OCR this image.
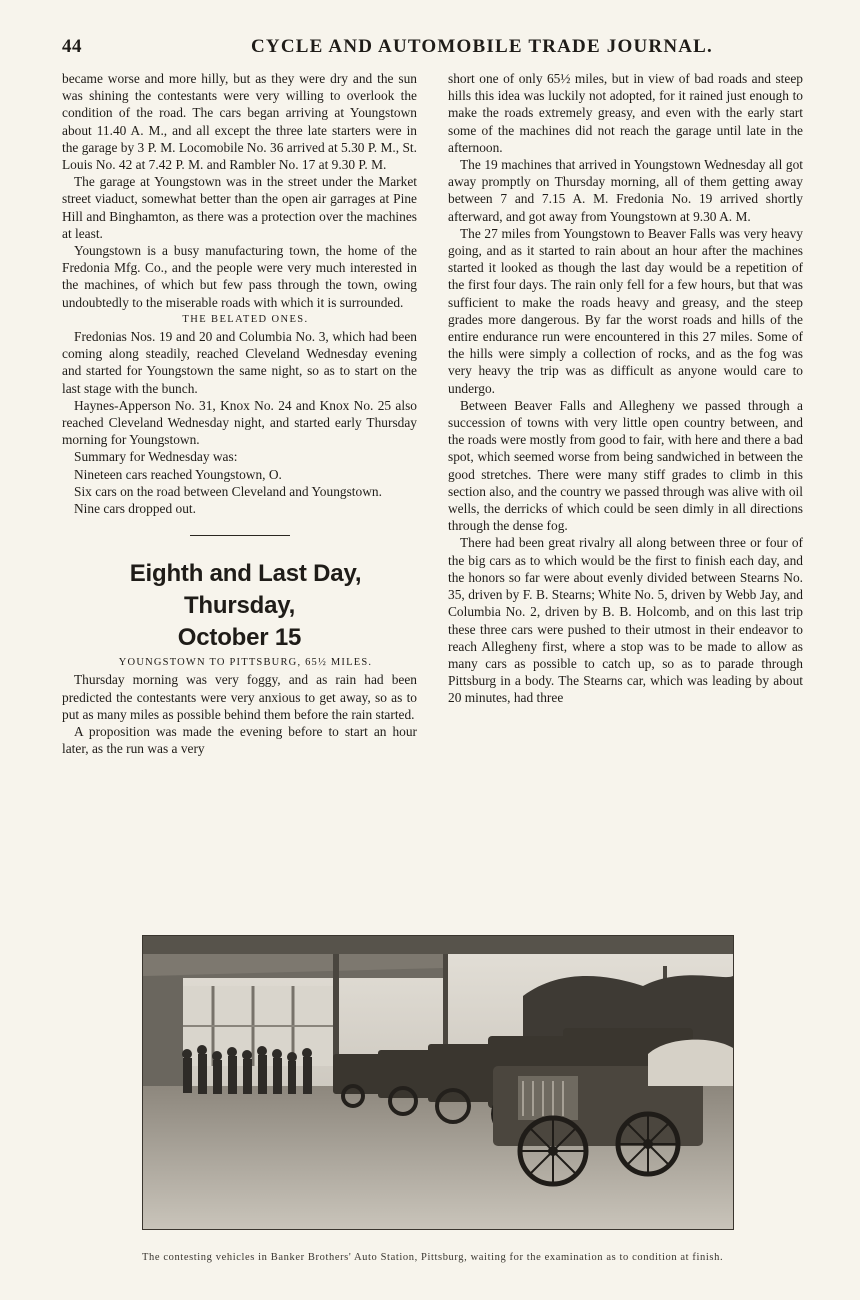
44	CYCLE AND AUTOMOBILE TRADE JOURNAL.

became worse and more hilly, but as they were dry and the sun was shining the contestants were very willing to overlook the condition of the road. The cars began arriving at Youngstown about 11.40 A. M., and all except the three late starters were in the garage by 3 P. M. Locomobile No. 36 arrived at 5.30 P. M., St. Louis No. 42 at 7.42 P. M. and Rambler No. 17 at 9.30 P. M.

The garage at Youngstown was in the street under the Market street viaduct, somewhat better than the open air garrages at Pine Hill and Binghamton, as there was a protection over the machines at least.

Youngstown is a busy manufacturing town, the home of the Fredonia Mfg. Co., and the people were very much interested in the machines, of which but few pass through the town, owing undoubtedly to the miserable roads with which it is surrounded.

THE BELATED ONES.

Fredonias Nos. 19 and 20 and Columbia No. 3, which had been coming along steadily, reached Cleveland Wednesday evening and started for Youngstown the same night, so as to start on the last stage with the bunch.

Haynes-Apperson No. 31, Knox No. 24 and Knox No. 25 also reached Cleveland Wednesday night, and started early Thursday morning for Youngstown.

Summary for Wednesday was:

Nineteen cars reached Youngstown, O.

Six cars on the road between Cleveland and Youngstown.

Nine cars dropped out.

Eighth and Last Day, Thursday,
October 15

YOUNGSTOWN TO PITTSBURG, 65½ MILES.

Thursday morning was very foggy, and as rain had been predicted the contestants were very anxious to get away, so as to put as many miles as possible behind them before the rain started.

A proposition was made the evening before to start an hour later, as the run was a very

short one of only 65½ miles, but in view of bad roads and steep hills this idea was luckily not adopted, for it rained just enough to make the roads extremely greasy, and even with the early start some of the machines did not reach the garage until late in the afternoon.

The 19 machines that arrived in Youngstown Wednesday all got away promptly on Thursday morning, all of them getting away between 7 and 7.15 A. M. Fredonia No. 19 arrived shortly afterward, and got away from Youngstown at 9.30 A. M.

The 27 miles from Youngstown to Beaver Falls was very heavy going, and as it started to rain about an hour after the machines started it looked as though the last day would be a repetition of the first four days. The rain only fell for a few hours, but that was sufficient to make the roads heavy and greasy, and the steep grades more dangerous. By far the worst roads and hills of the entire endurance run were encountered in this 27 miles. Some of the hills were simply a collection of rocks, and as the fog was very heavy the trip was as difficult as anyone would care to undergo.

Between Beaver Falls and Allegheny we passed through a succession of towns with very little open country between, and the roads were mostly from good to fair, with here and there a bad spot, which seemed worse from being sandwiched in between the good stretches. There were many stiff grades to climb in this section also, and the country we passed through was alive with oil wells, the derricks of which could be seen dimly in all directions through the dense fog.

There had been great rivalry all along between three or four of the big cars as to which would be the first to finish each day, and the honors so far were about evenly divided between Stearns No. 35, driven by F. B. Stearns; White No. 5, driven by Webb Jay, and Columbia No. 2, driven by B. B. Holcomb, and on this last trip these three cars were pushed to their utmost in their endeavor to reach Allegheny first, where a stop was to be made to allow as many cars as possible to catch up, so as to parade through Pittsburg in a body. The Stearns car, which was leading by about 20 minutes, had three

The contesting vehicles in Banker Brothers' Auto Station, Pittsburg, waiting for the examination as to condition at finish.
